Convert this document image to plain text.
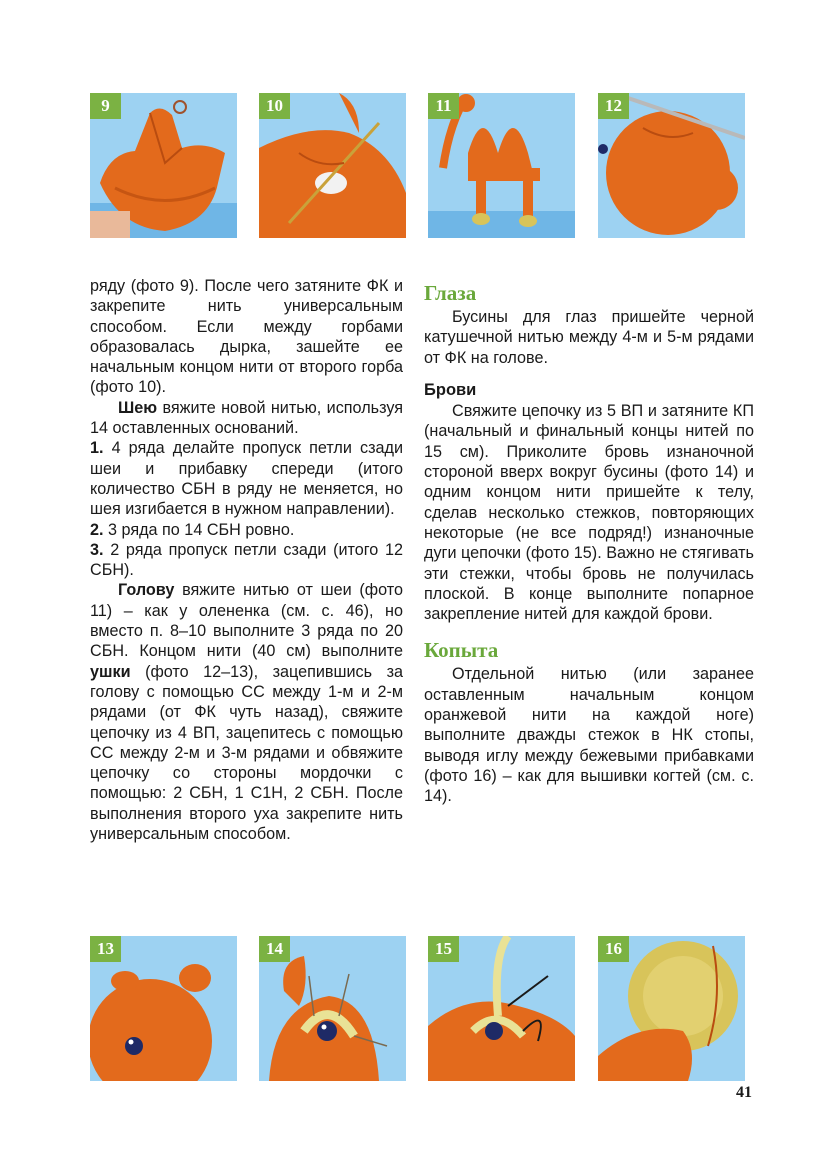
9	10	11	12

ряду (фото 9). После чего затяните ФК и закрепите нить универсальным способом. Если между горбами образовалась дырка, зашейте ее начальным концом нити от второго горба (фото 10).

Шею вяжите новой нитью, используя 14 оставленных оснований.

1. 4 ряда делайте пропуск петли сзади шеи и прибавку спереди (итого количество СБН в ряду не меняется, но шея изгибается в нужном направлении).

2. 3 ряда по 14 СБН ровно.

3. 2 ряда пропуск петли сзади (итого 12 СБН).

Голову вяжите нитью от шеи (фото 11) – как у олененка (см. с. 46), но вместо п. 8–10 выполните 3 ряда по 20 СБН. Концом нити (40 см) выполните ушки (фото 12–13), зацепившись за голову с помощью СС между 1-м и 2-м рядами (от ФК чуть назад), свяжите цепочку из 4 ВП, зацепитесь с помощью СС между 2-м и 3-м рядами и обвяжите цепочку со стороны мордочки с помощью: 2 СБН, 1 С1Н, 2 СБН. После выполнения второго уха закрепите нить универсальным способом.

Глаза

Бусины для глаз пришейте черной катушечной нитью между 4-м и 5-м рядами от ФК на голове.

Брови

Свяжите цепочку из 5 ВП и затяните КП (начальный и финальный концы нитей по 15 см). Приколите бровь изнаночной стороной вверх вокруг бусины (фото 14) и одним концом нити пришейте к телу, сделав несколько стежков, повторяющих некоторые (не все подряд!) изнаночные дуги цепочки (фото 15). Важно не стягивать эти стежки, чтобы бровь не получилась плоской. В конце выполните попарное закрепление нитей для каждой брови.

Копыта

Отдельной нитью (или заранее оставленным начальным концом оранжевой нити на каждой ноге) выполните дважды стежок в НК стопы, выводя иглу между бежевыми прибавками (фото 16) – как для вышивки когтей (см. с. 14).

13	14	15	16
41
